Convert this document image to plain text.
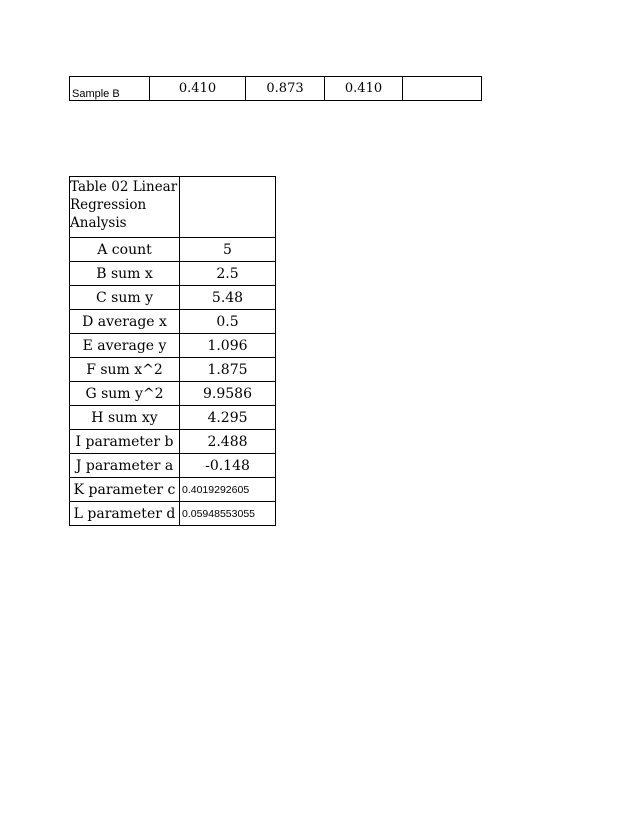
Sample B	0.410	0.873	0.410	
Table 02 Linear Regression Analysis	
A count	5
B sum x	2.5
C sum y	5.48
D average x	0.5
E average y	1.096
F sum x^2	1.875
G sum y^2	9.9586
H sum xy	4.295
I parameter b	2.488
J parameter a	-0.148
K parameter c	0.4019292605
L parameter d	0.05948553055
